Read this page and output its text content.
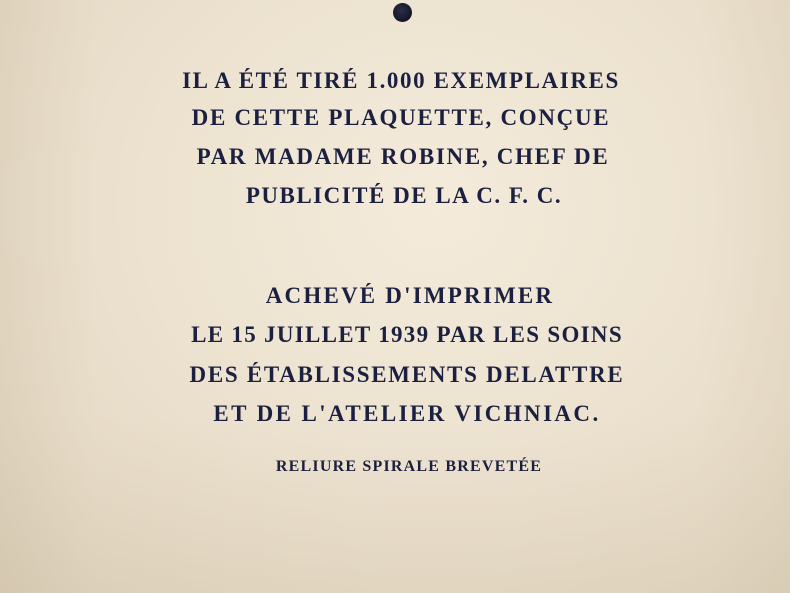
IL A ÉTÉ TIRÉ 1.000 EXEMPLAIRES
DE CETTE PLAQUETTE, CONÇUE
PAR MADAME ROBINE, CHEF DE
PUBLICITÉ DE LA C. F. C.
ACHEVÉ D'IMPRIMER
LE 15 JUILLET 1939 PAR LES SOINS
DES ÉTABLISSEMENTS DELATTRE
ET DE L'ATELIER VICHNIAC.
RELIURE SPIRALE BREVETÉE
